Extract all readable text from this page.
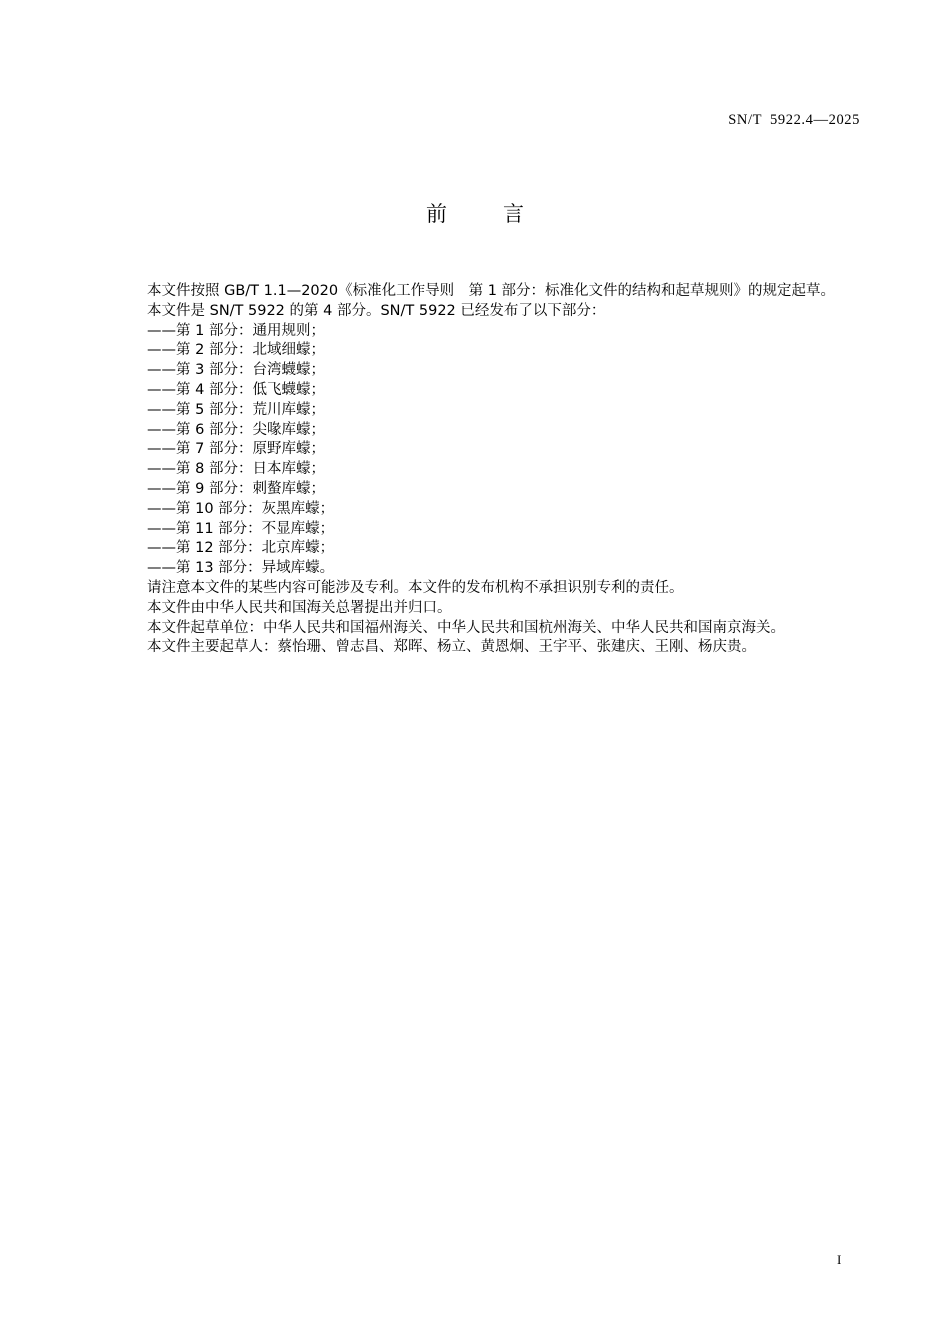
SN/T 5922.4—2025
前言

本文件按照 GB/T 1.1—2020《标准化工作导则　第 1 部分：标准化文件的结构和起草规则》的规定起草。

本文件是 SN/T 5922 的第 4 部分。SN/T 5922 已经发布了以下部分：

——第 1 部分：通用规则；

——第 2 部分：北域细蠓；

——第 3 部分：台湾蠛蠓；

——第 4 部分：低飞蠛蠓；

——第 5 部分：荒川库蠓；

——第 6 部分：尖喙库蠓；

——第 7 部分：原野库蠓；

——第 8 部分：日本库蠓；

——第 9 部分：刺螯库蠓；

——第 10 部分：灰黑库蠓；

——第 11 部分：不显库蠓；

——第 12 部分：北京库蠓；

——第 13 部分：异域库蠓。

请注意本文件的某些内容可能涉及专利。本文件的发布机构不承担识别专利的责任。

本文件由中华人民共和国海关总署提出并归口。

本文件起草单位：中华人民共和国福州海关、中华人民共和国杭州海关、中华人民共和国南京海关。

本文件主要起草人：蔡怡珊、曾志昌、郑晖、杨立、黄恩炯、王宇平、张建庆、王刚、杨庆贵。

I
